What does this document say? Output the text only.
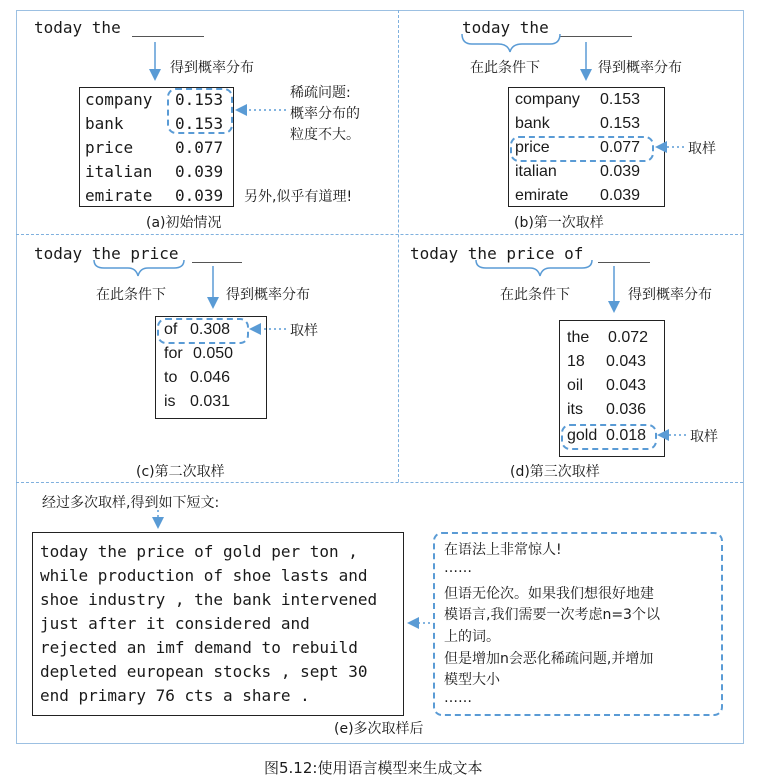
today the
得到概率分布
company 0.153
bank	0.153
price	0.077
italian 0.039
emirate 0.039
稀疏问题:
概率分布的
粒度不大。
另外,似乎有道理!
(a)初始情况
today the
在此条件下	得到概率分布
company 0.153
bank	0.153
price	0.077
italian	0.039
emirate 0.039
取样
(b)第一次取样
today the price
在此条件下	得到概率分布
of 0.308
for 0.050
to 0.046
is 0.031
取样
(c)第二次取样
today the price of
在此条件下	得到概率分布
the 0.072
18 0.043
oil 0.043
its 0.036
gold 0.018	取样
(d)第三次取样
经过多次取样,得到如下短文:
today the price of gold per ton ,
while production of shoe lasts and
shoe industry , the bank intervened
just after it considered and
rejected an imf demand to rebuild
depleted european stocks , sept 30
end primary 76 cts a share .
在语法上非常惊人!
……
但语无伦次。如果我们想很好地建
模语言,我们需要一次考虑n=3个以
上的词。
但是增加n会恶化稀疏问题,并增加
模型大小
……
(e)多次取样后
图5.12:使用语言模型来生成文本
